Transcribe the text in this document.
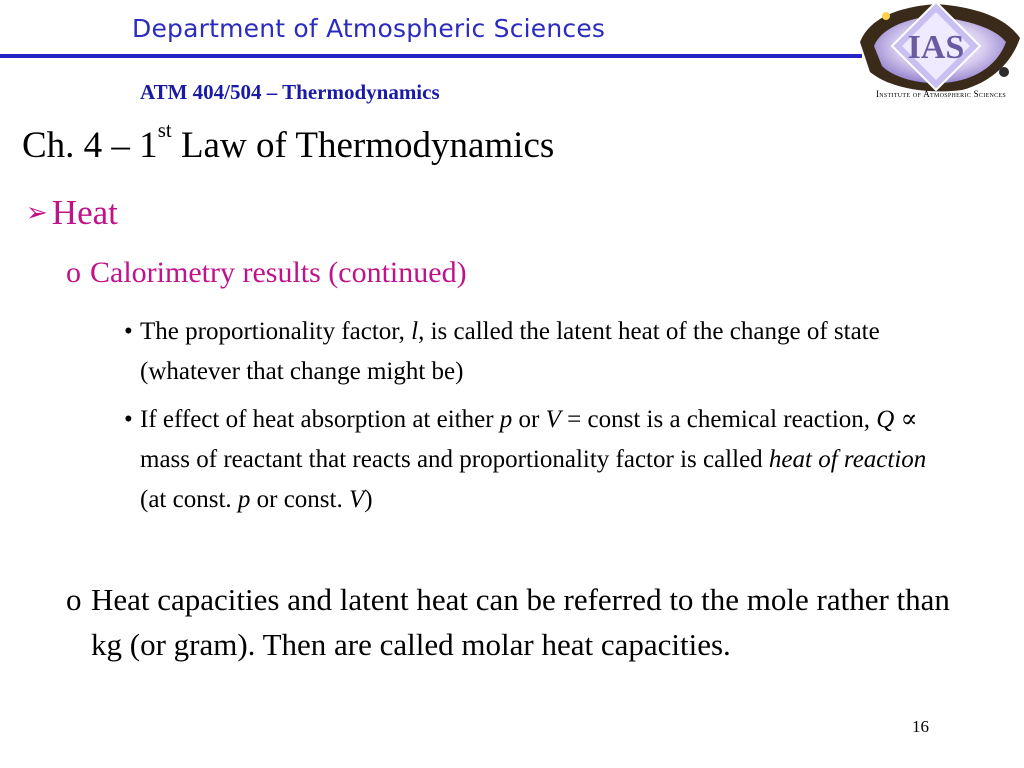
Department of Atmospheric Sciences
ATM 404/504 – Thermodynamics
IAS
Institute of Atmospheric Sciences
Ch. 4 – 1st Law of Thermodynamics
➢ Heat
o Calorimetry results (continued)
• The proportionality factor, l, is called the latent heat of the change of state (whatever that change might be)
• If effect of heat absorption at either p or V = const is a chemical reaction, Q ∝ mass of reactant that reacts and proportionality factor is called heat of reaction (at const. p or const. V)
o Heat capacities and latent heat can be referred to the mole rather than kg (or gram). Then are called molar heat capacities.
16
